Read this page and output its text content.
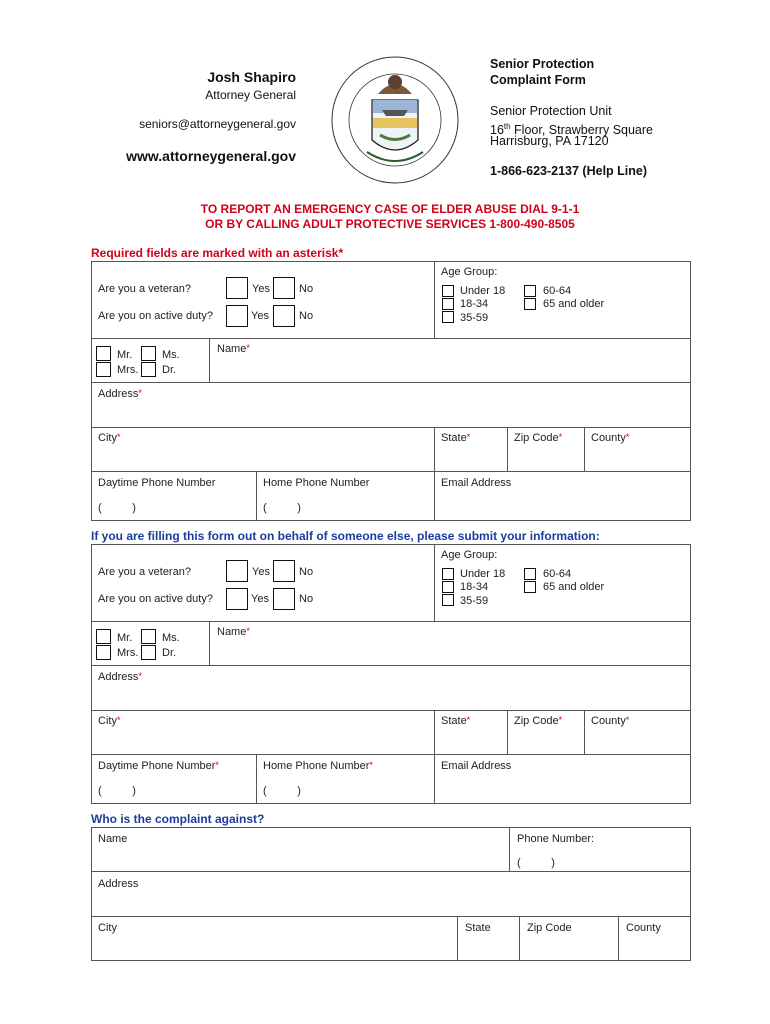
Josh Shapiro
Attorney General
seniors@attorneygeneral.gov
www.attorneygeneral.gov
Senior Protection
Complaint Form
Senior Protection Unit
16th Floor, Strawberry Square
Harrisburg, PA 17120
1-866-623-2137 (Help Line)
TO REPORT AN EMERGENCY CASE OF ELDER ABUSE DIAL 9-1-1
OR BY CALLING ADULT PROTECTIVE SERVICES 1-800-490-8505
Required fields are marked with an asterisk*
Are you a veteran?	Yes	No
Are you on active duty?	Yes	No
Age Group:
Under 18
18-34
35-59
60-64
65 and older
Mr.
Mrs.
Ms.
Dr.
Name*
Address*
City*	State*	Zip Code*	County*
Daytime Phone Number
(          )
Home Phone Number
(          )
Email Address
If you are filling this form out on behalf of someone else, please submit your information:
Are you a veteran?	Yes	No
Are you on active duty?	Yes	No
Age Group:
Under 18
18-34
35-59
60-64
65 and older
Mr.
Mrs.
Ms.
Dr.
Name*
Address*
City*	State*	Zip Code*	County*
Daytime Phone Number*
(          )
Home Phone Number*
(          )
Email Address
Who is the complaint against?
Name	Phone Number:
(          )
Address
City	State	Zip Code	County
